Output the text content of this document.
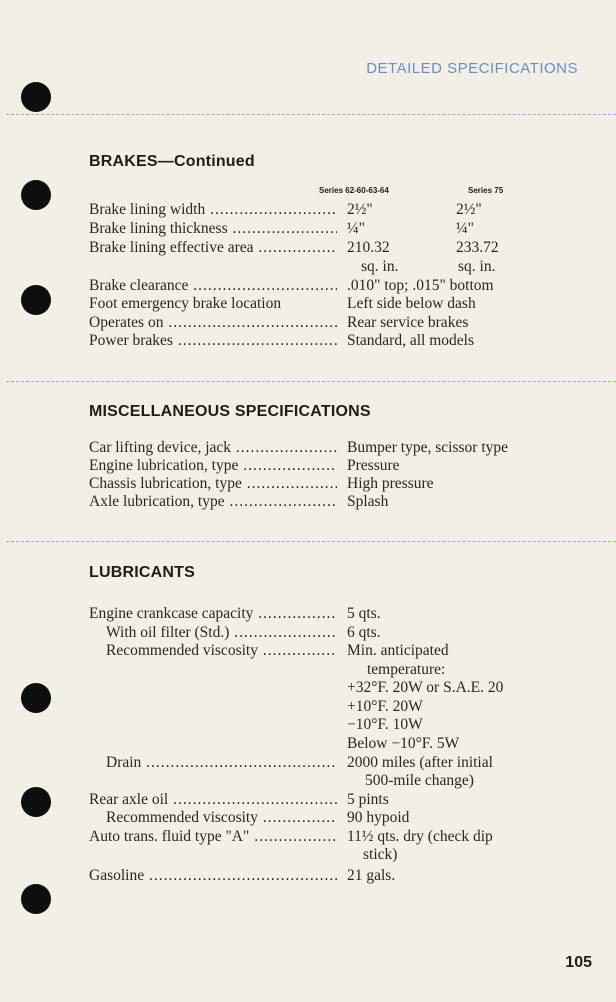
DETAILED SPECIFICATIONS
BRAKES—Continued
Series 62-60-63-64	Series 75
Brake lining width .....	2½"	2½"
Brake lining thickness .....	¼"	¼"
Brake lining effective area .....	210.32	233.72
sq. in.	sq. in.
Brake clearance .....	.010" top; .015" bottom
Foot emergency brake location	Left side below dash
Operates on .....	Rear service brakes
Power brakes .....	Standard, all models
MISCELLANEOUS SPECIFICATIONS
Car lifting device, jack .....	Bumper type, scissor type
Engine lubrication, type .....	Pressure
Chassis lubrication, type .....	High pressure
Axle lubrication, type .....	Splash
LUBRICANTS
Engine crankcase capacity .....	5 qts.
With oil filter (Std.) .....	6 qts.
Recommended viscosity .....	Min. anticipated
temperature:
+32°F. 20W or S.A.E. 20
+10°F. 20W
−10°F. 10W
Below −10°F. 5W
Drain .....	2000 miles (after initial
500-mile change)
Rear axle oil .....	5 pints
Recommended viscosity .....	90 hypoid
Auto trans. fluid type "A" .....	11½ qts. dry (check dip
stick)
Gasoline .....	21 gals.
105
